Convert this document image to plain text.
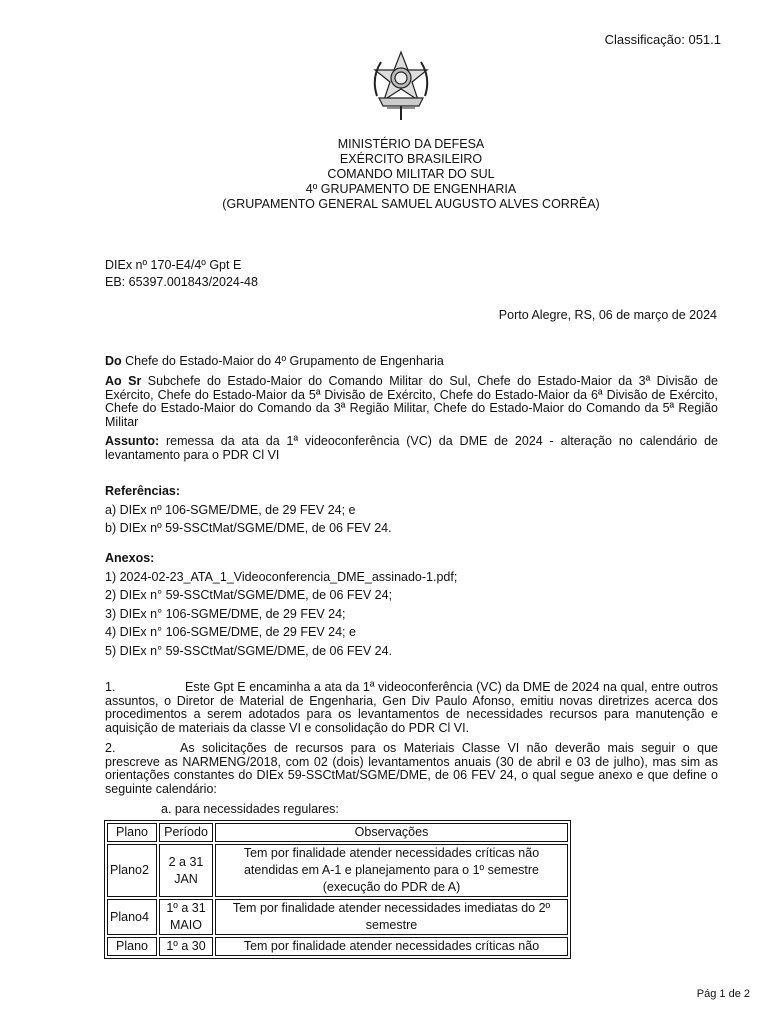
Classificação: 051.1
MINISTÉRIO DA DEFESA
EXÉRCITO BRASILEIRO
COMANDO MILITAR DO SUL
4º GRUPAMENTO DE ENGENHARIA
(GRUPAMENTO GENERAL SAMUEL AUGUSTO ALVES CORRÊA)
DIEx nº 170-E4/4º Gpt E
EB: 65397.001843/2024-48
Porto Alegre, RS, 06 de março de 2024
Do Chefe do Estado-Maior do 4º Grupamento de Engenharia
Ao Sr Subchefe do Estado-Maior do Comando Militar do Sul, Chefe do Estado-Maior da 3ª Divisão de Exército, Chefe do Estado-Maior da 5ª Divisão de Exército, Chefe do Estado-Maior da 6ª Divisão de Exército, Chefe do Estado-Maior do Comando da 3ª Região Militar, Chefe do Estado-Maior do Comando da 5ª Região Militar
Assunto: remessa da ata da 1ª videoconferência (VC) da DME de 2024 - alteração no calendário de levantamento para o PDR Cl VI
Referências:
a) DIEx nº 106-SGME/DME, de 29 FEV 24; e
b) DIEx nº 59-SSCtMat/SGME/DME, de 06 FEV 24.
Anexos:
1) 2024-02-23_ATA_1_Videoconferencia_DME_assinado-1.pdf;
2) DIEx n° 59-SSCtMat/SGME/DME, de 06 FEV 24;
3) DIEx n° 106-SGME/DME, de 29 FEV 24;
4) DIEx n° 106-SGME/DME, de 29 FEV 24; e
5) DIEx n° 59-SSCtMat/SGME/DME, de 06 FEV 24.
1.	Este Gpt E encaminha a ata da 1ª videoconferência (VC) da DME de 2024 na qual, entre outros assuntos, o Diretor de Material de Engenharia, Gen Div Paulo Afonso, emitiu novas diretrizes acerca dos procedimentos a serem adotados para os levantamentos de necessidades recursos para manutenção e aquisição de materiais da classe VI e consolidação do PDR Cl VI.
2.	As solicitações de recursos para os Materiais Classe VI não deverão mais seguir o que prescreve as NARMENG/2018, com 02 (dois) levantamentos anuais (30 de abril e 03 de julho), mas sim as orientações constantes do DIEx 59-SSCtMat/SGME/DME, de 06 FEV 24, o qual segue anexo e que define o seguinte calendário:
a. para necessidades regulares:
Plano	Período	Observações
Plano2	2 a 31 JAN	Tem por finalidade atender necessidades críticas não atendidas em A-1 e planejamento para o 1º semestre (execução do PDR de A)
Plano4	1º a 31 MAIO	Tem por finalidade atender necessidades imediatas do 2º semestre
Plano	1º a 30	Tem por finalidade atender necessidades críticas não
Pág 1 de 2
